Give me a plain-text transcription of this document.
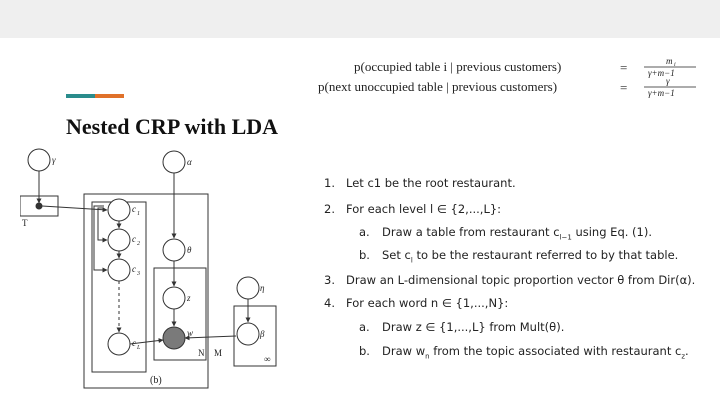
p(occupied table i | previous customers)
p(next unoccupied table | previous customers)
=
=
m i
γ+m−1
γ
γ+m−1
Nested CRP with LDA
γ
T
c 1
c 2
c 3
c L
α
θ
z
w
η
β
N M
∞
(b)
1. Let c1 be the root restaurant.
2. For each level l ∈ {2,...,L}:
a. Draw a table from restaurant $c_{l-1}$ using Eq. (1).
b. Set $c_l$ to be the restaurant referred to by that table.
3. Draw an L-dimensional topic proportion vector θ from Dir(α).
4. For each word n ∈ {1,...,N}:
a. Draw z ∈ {1,...,L} from Mult(θ).
b. Draw $w_n$ from the topic associated with restaurant $c_z$.
